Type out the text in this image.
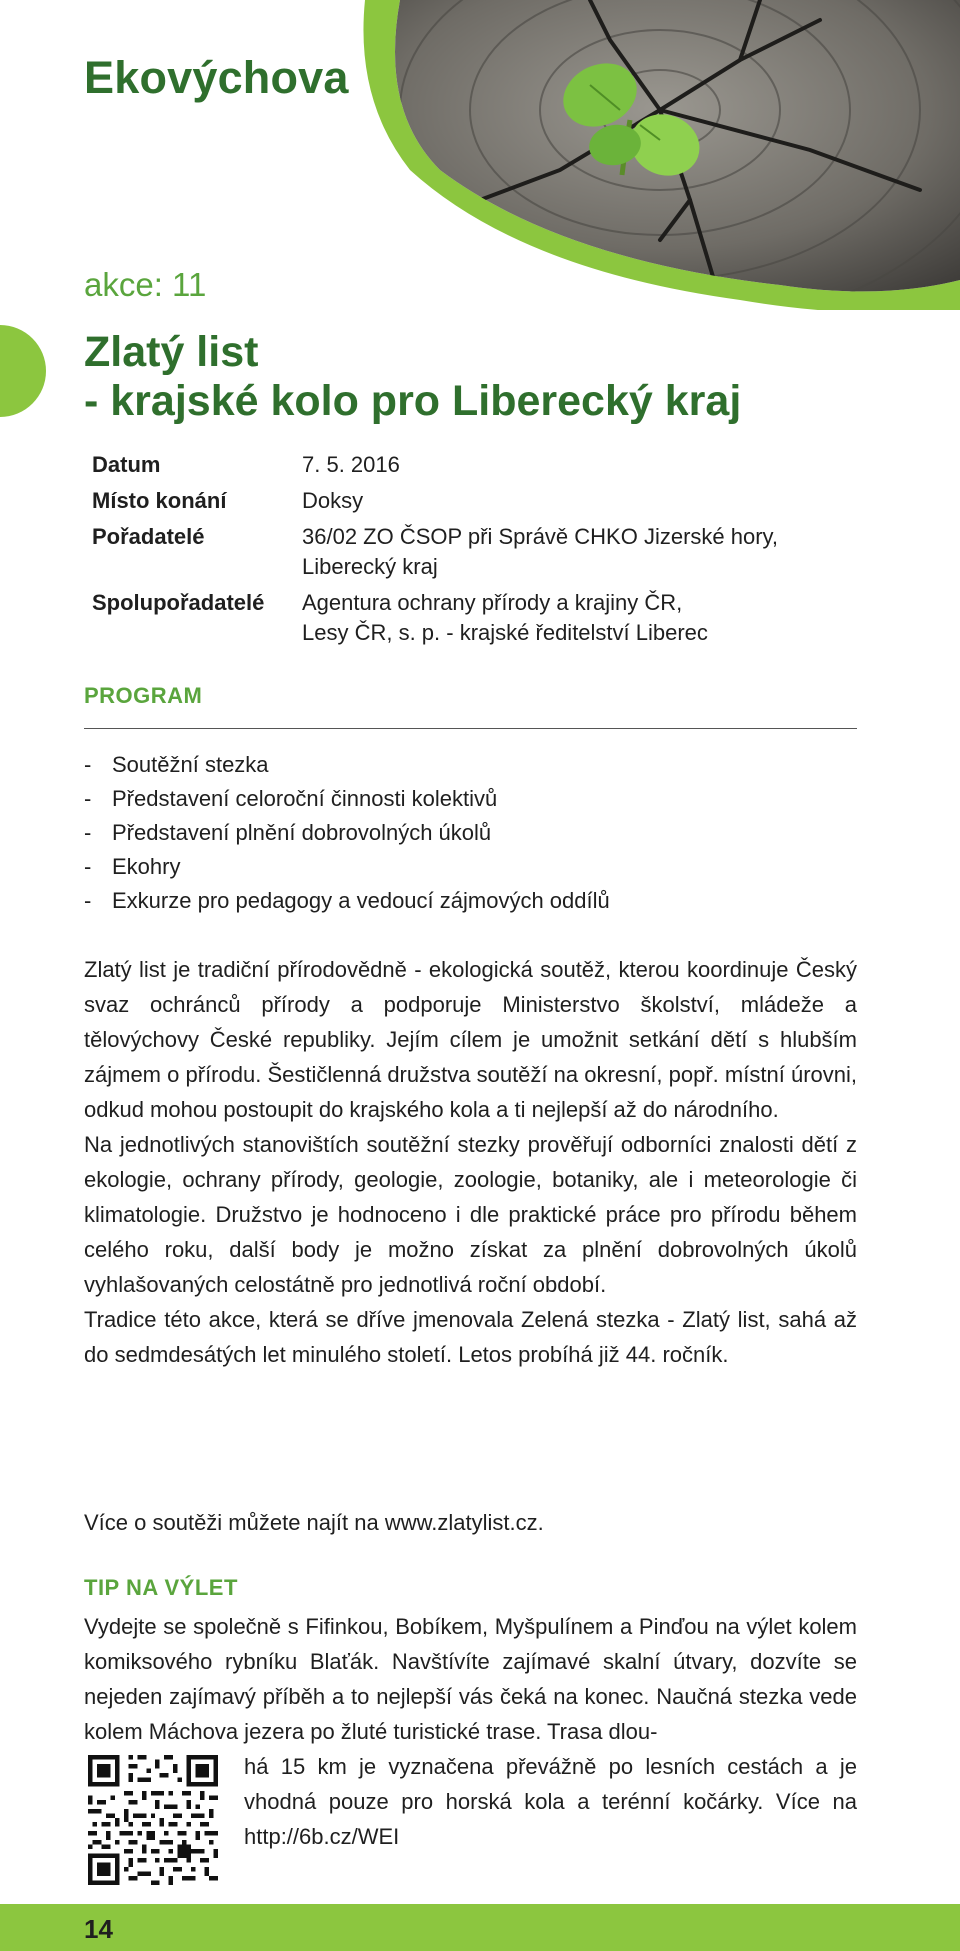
Ekovýchova
akce: 11
Zlatý list
- krajské kolo pro Liberecký kraj
Datum	7. 5. 2016

Místo konání	Doksy

Pořadatelé	36/02 ZO ČSOP při Správě CHKO Jizerské hory,
Liberecký kraj

Spolupořadatelé	Agentura ochrany přírody a krajiny ČR,
Lesy ČR, s. p. - krajské ředitelství Liberec
PROGRAM
- Soutěžní stezka
- Představení celoroční činnosti kolektivů
- Představení plnění dobrovolných úkolů
- Ekohry
- Exkurze pro pedagogy a vedoucí zájmových oddílů

Zlatý list je tradiční přírodovědně - ekologická soutěž, kterou koordinuje Český svaz ochránců přírody a podporuje Ministerstvo školství, mládeže a tělovýchovy České republiky. Jejím cílem je umožnit setkání dětí s hlubším zájmem o přírodu. Šestičlenná družstva soutěží na okresní, popř. místní úrovni, odkud mohou postoupit do krajského kola a ti nejlepší až do národního.

Na jednotlivých stanovištích soutěžní stezky prověřují odborníci znalosti dětí z ekologie, ochrany přírody, geologie, zoologie, botaniky, ale i meteorologie či klimatologie. Družstvo je hodnoceno i dle praktické práce pro přírodu během celého roku, další body je možno získat za plnění dobrovolných úkolů vyhlašovaných celostátně pro jednotlivá roční období.

Tradice této akce, která se dříve jmenovala Zelená stezka - Zlatý list, sahá až do sedmdesátých let minulého století. Letos probíhá již 44. ročník.

Více o soutěži můžete najít na www.zlatylist.cz.
TIP NA VÝLET

Vydejte se společně s Fifinkou, Bobíkem, Myšpulínem a Pinďou na výlet kolem komiksového rybníku Blaťák. Navštívíte zajímavé skalní útvary, dozvíte se nejeden zajímavý příběh a to nejlepší vás čeká na konec. Naučná stezka vede kolem Máchova jezera po žluté turistické trase. Trasa dlou-

há 15 km je vyznačena převážně po lesních cestách a je vhodná pouze pro horská kola a terénní kočárky. Více na http://6b.cz/WEI

14
